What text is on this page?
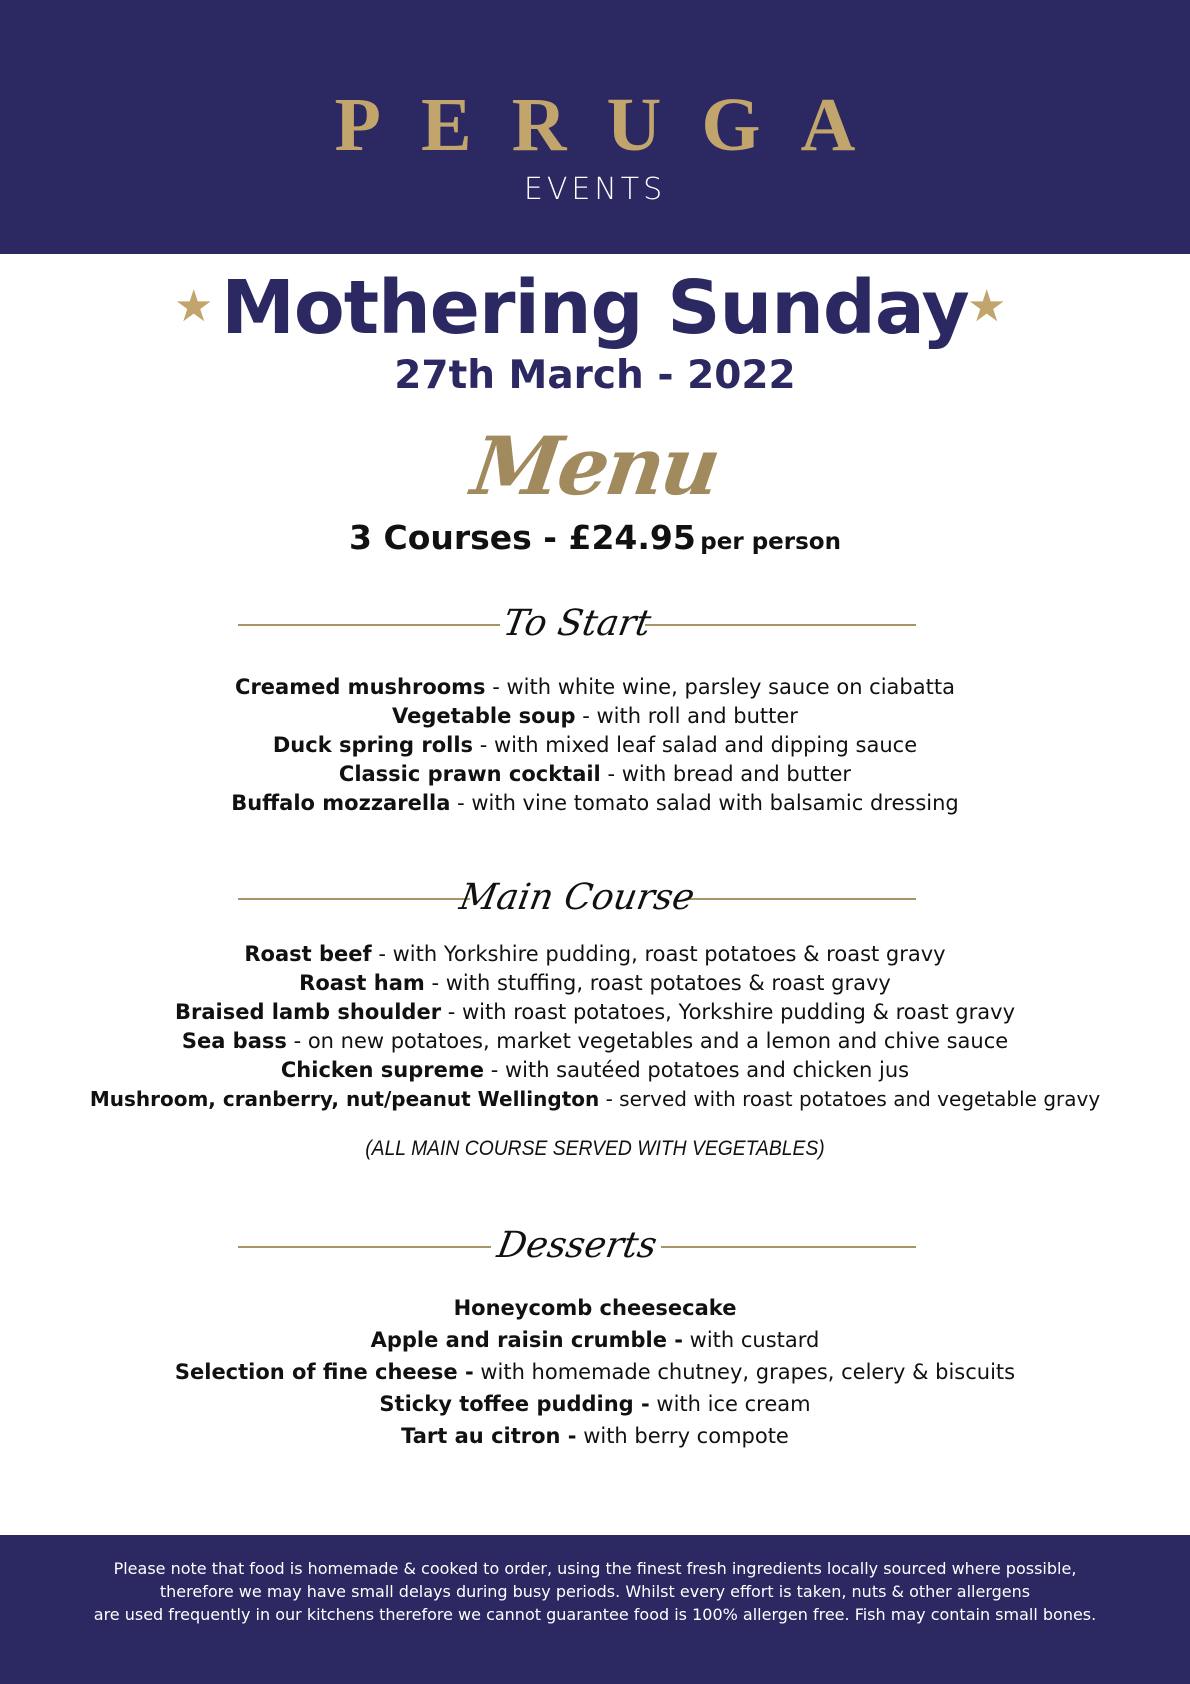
PERUGA
EVENTS
★ Mothering Sunday
★
27th March - 2022
Menu
3 Courses - £24.95 per person
To Start
Creamed mushrooms - with white wine, parsley sauce on ciabatta
Vegetable soup - with roll and butter
Duck spring rolls - with mixed leaf salad and dipping sauce
Classic prawn cocktail - with bread and butter
Buffalo mozzarella - with vine tomato salad with balsamic dressing
Main Course
Roast beef - with Yorkshire pudding, roast potatoes & roast gravy
Roast ham - with stuffing, roast potatoes & roast gravy
Braised lamb shoulder - with roast potatoes, Yorkshire pudding & roast gravy
Sea bass - on new potatoes, market vegetables and a lemon and chive sauce
Chicken supreme - with sautéed potatoes and chicken jus
Mushroom, cranberry, nut/peanut Wellington - served with roast potatoes and vegetable gravy
(ALL MAIN COURSE SERVED WITH VEGETABLES)
Desserts
Honeycomb cheesecake
Apple and raisin crumble - with custard
Selection of fine cheese - with homemade chutney, grapes, celery & biscuits
Sticky toffee pudding - with ice cream
Tart au citron - with berry compote
Please note that food is homemade & cooked to order, using the finest fresh ingredients locally sourced where possible,
therefore we may have small delays during busy periods. Whilst every effort is taken, nuts & other allergens
are used frequently in our kitchens therefore we cannot guarantee food is 100% allergen free. Fish may contain small bones.
